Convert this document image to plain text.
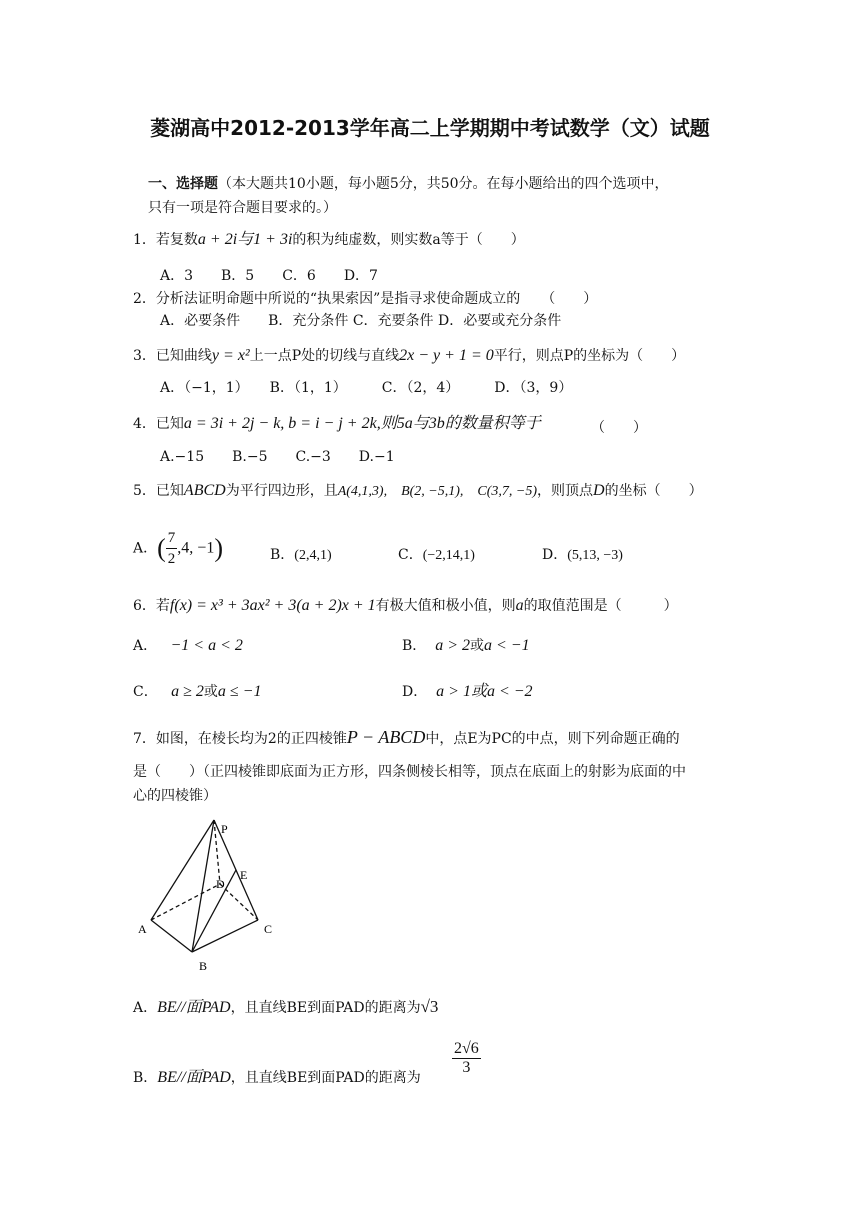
菱湖高中2012-2013学年高二上学期期中考试数学（文）试题
一、选择题（本大题共10小题，每小题5分，共50分。在每小题给出的四个选项中，
只有一项是符合题目要求的。）
1．若复数a + 2i与1 + 3i的积为纯虚数，则实数a等于（　　）
A．3　　B．5　　C．6　　D．7
2．分析法证明命题中所说的“执果索因”是指寻求使命题成立的　　（　　）
A．必要条件　　B．充分条件 C．充要条件 D．必要或充分条件
3．已知曲线y = x²上一点P处的切线与直线2x − y + 1 = 0平行，则点P的坐标为（　　）
A．（−1，1）　　B．（1，1）　　　C．（2，4）　　　D．（3，9）
4．已知a = 3i + 2j − k, b = i − j + 2k,则5a与3b的数量积等于	（　　）
A.−15　　B.−5　　C.−3　　D.−1
5．已知ABCD为平行四边形，且A(4,1,3),　B(2, −5,1),　C(3,7, −5)，则顶点D的坐标（　　）
A．( $\frac{7}{2} ,4$, −1)	B．(2,4,1)	C．(−2,14,1)	D．(5,13, −3)
6．若f(x) = x³ + 3ax² + 3(a + 2)x + 1有极大值和极小值，则a的取值范围是（　　　）
A． −1 < a < 2	B． a > 2或a < −1
C． a ≥ 2或a ≤ −1	D． a > 1或a < −2
7．如图，在棱长均为2的正四棱锥P − ABCD中，点E为PC的中点，则下列命题正确的
是（　　）（正四棱锥即底面为正方形，四条侧棱长相等，顶点在底面上的射影为底面的中
心的四棱锥）
P
E
D
A	C
B
A．BE//面PAD，且直线BE到面PAD的距离为√3
B．BE//面PAD，且直线BE到面PAD的距离为
$\frac{2√6}{3}$
